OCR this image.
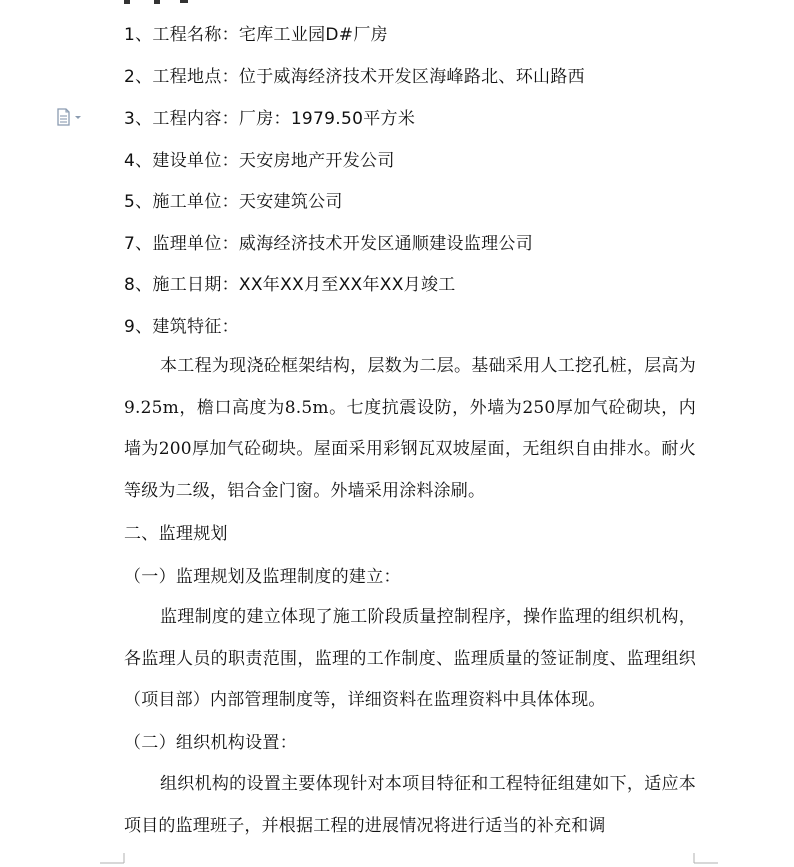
1、工程名称：宅库工业园D#厂房
2、工程地点：位于威海经济技术开发区海峰路北、环山路西
3、工程内容：厂房：1979.50平方米
4、建设单位：天安房地产开发公司
5、施工单位：天安建筑公司
7、监理单位：威海经济技术开发区通顺建设监理公司
8、施工日期：XX年XX月至XX年XX月竣工
9、建筑特征：
本工程为现浇砼框架结构，层数为二层。基础采用人工挖孔桩，层高为9.25m，檐口高度为8.5m。七度抗震设防，外墙为250厚加气砼砌块，内墙为200厚加气砼砌块。屋面采用彩钢瓦双坡屋面，无组织自由排水。耐火等级为二级，铝合金门窗。外墙采用涂料涂刷。
二、监理规划
（一）监理规划及监理制度的建立：
监理制度的建立体现了施工阶段质量控制程序，操作监理的组织机构，各监理人员的职责范围，监理的工作制度、监理质量的签证制度、监理组织（项目部）内部管理制度等，详细资料在监理资料中具体体现。
（二）组织机构设置：
组织机构的设置主要体现针对本项目特征和工程特征组建如下，适应本项目的监理班子，并根据工程的进展情况将进行适当的补充和调
